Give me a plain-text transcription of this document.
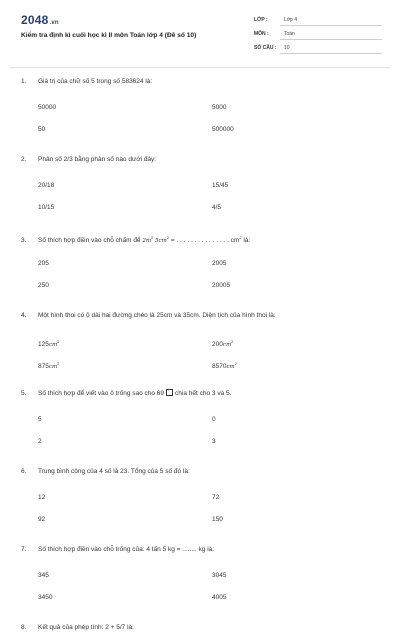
2048.vn
Kiểm tra định kì cuối học kì II môn Toán lớp 4 (Đề số 10)
LỚP :	Lớp 4
MÔN :	Toán
SỐ CÂU : 10
1. Giá trị của chữ số 5 trong số 583624 là:
50000	5000
50	500000
2. Phân số 2/3 bằng phân số nào dưới đây:
20/18	15/45
10/15	4/5
3. Số thích hợp điền vào chỗ chấm để $2m^2$ $5cm^2$ = . . . . . . . . . . . . . . . $cm^2$ là:
205	2005
250	20005
4. Một hình thoi có ộ dài hai đường chéo là 25cm và 35cm. Diện tích của hình thoi là:
$125cm^2$	$200cm^2$
$875cm^2$	$8570cm^2$
5. Số thích hợp để viết vào ô trống sao cho 69 chia hết cho 3 và 5.
5	0
2	3
6. Trung bình cộng của 4 số là 23. Tổng của 5 số đó là:
12	72
92	150
7. Số thích hợp điền vào chỗ trống của: 4 tấn 5 kg = ........ kg là:
345	3045
3450	4005
8. Kết quả của phép tính: 2 + 5/7 là:
